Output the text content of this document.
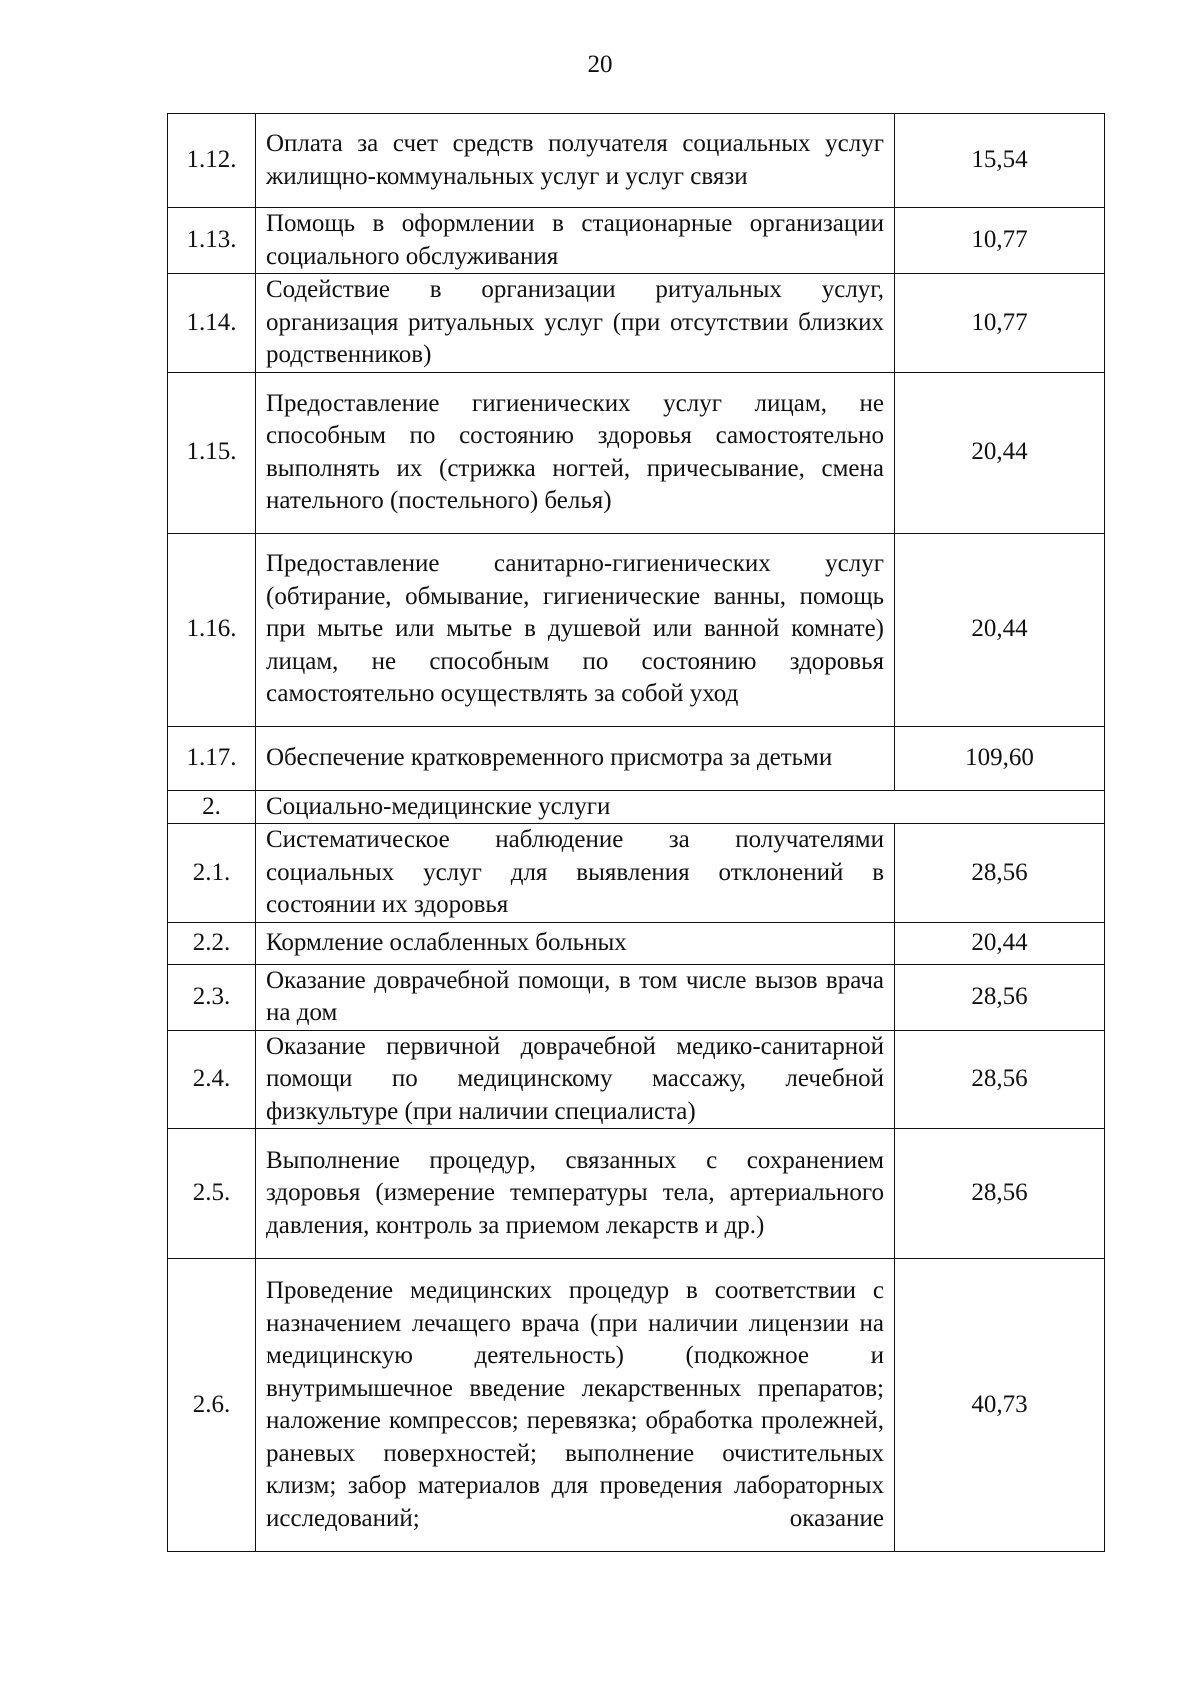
20
1.12.	Оплата за счет средств получателя социальных услуг жилищно-коммунальных услуг и услуг связи	15,54
1.13.	Помощь в оформлении в стационарные организации социального обслуживания	10,77
1.14.	Содействие в организации ритуальных услуг, организация ритуальных услуг (при отсутствии близких родственников)	10,77
1.15.	Предоставление гигиенических услуг лицам, не способным по состоянию здоровья самостоятельно выполнять их (стрижка ногтей, причесывание, смена нательного (постельного) белья)	20,44
1.16.	Предоставление санитарно-гигиенических услуг (обтирание, обмывание, гигиенические ванны, помощь при мытье или мытье в душевой или ванной комнате) лицам, не способным по состоянию здоровья самостоятельно осуществлять за собой уход	20,44
1.17.	Обеспечение кратковременного присмотра за детьми	109,60
2.	Социально-медицинские услуги	
2.1.	Систематическое наблюдение за получателями социальных услуг для выявления отклонений в состоянии их здоровья	28,56
2.2.	Кормление ослабленных больных	20,44
2.3.	Оказание доврачебной помощи, в том числе вызов врача на дом	28,56
2.4.	Оказание первичной доврачебной медико-санитарной помощи по медицинскому массажу, лечебной физкультуре (при наличии специалиста)	28,56
2.5.	Выполнение процедур, связанных с сохранением здоровья (измерение температуры тела, артериального давления, контроль за приемом лекарств и др.)	28,56
2.6.	Проведение медицинских процедур в соответствии с назначением лечащего врача (при наличии лицензии на медицинскую деятельность) (подкожное и внутримышечное введение лекарственных препаратов; наложение компрессов; перевязка; обработка пролежней, раневых поверхностей; выполнение очистительных клизм; забор материалов для проведения лабораторных исследований; оказание	40,73
